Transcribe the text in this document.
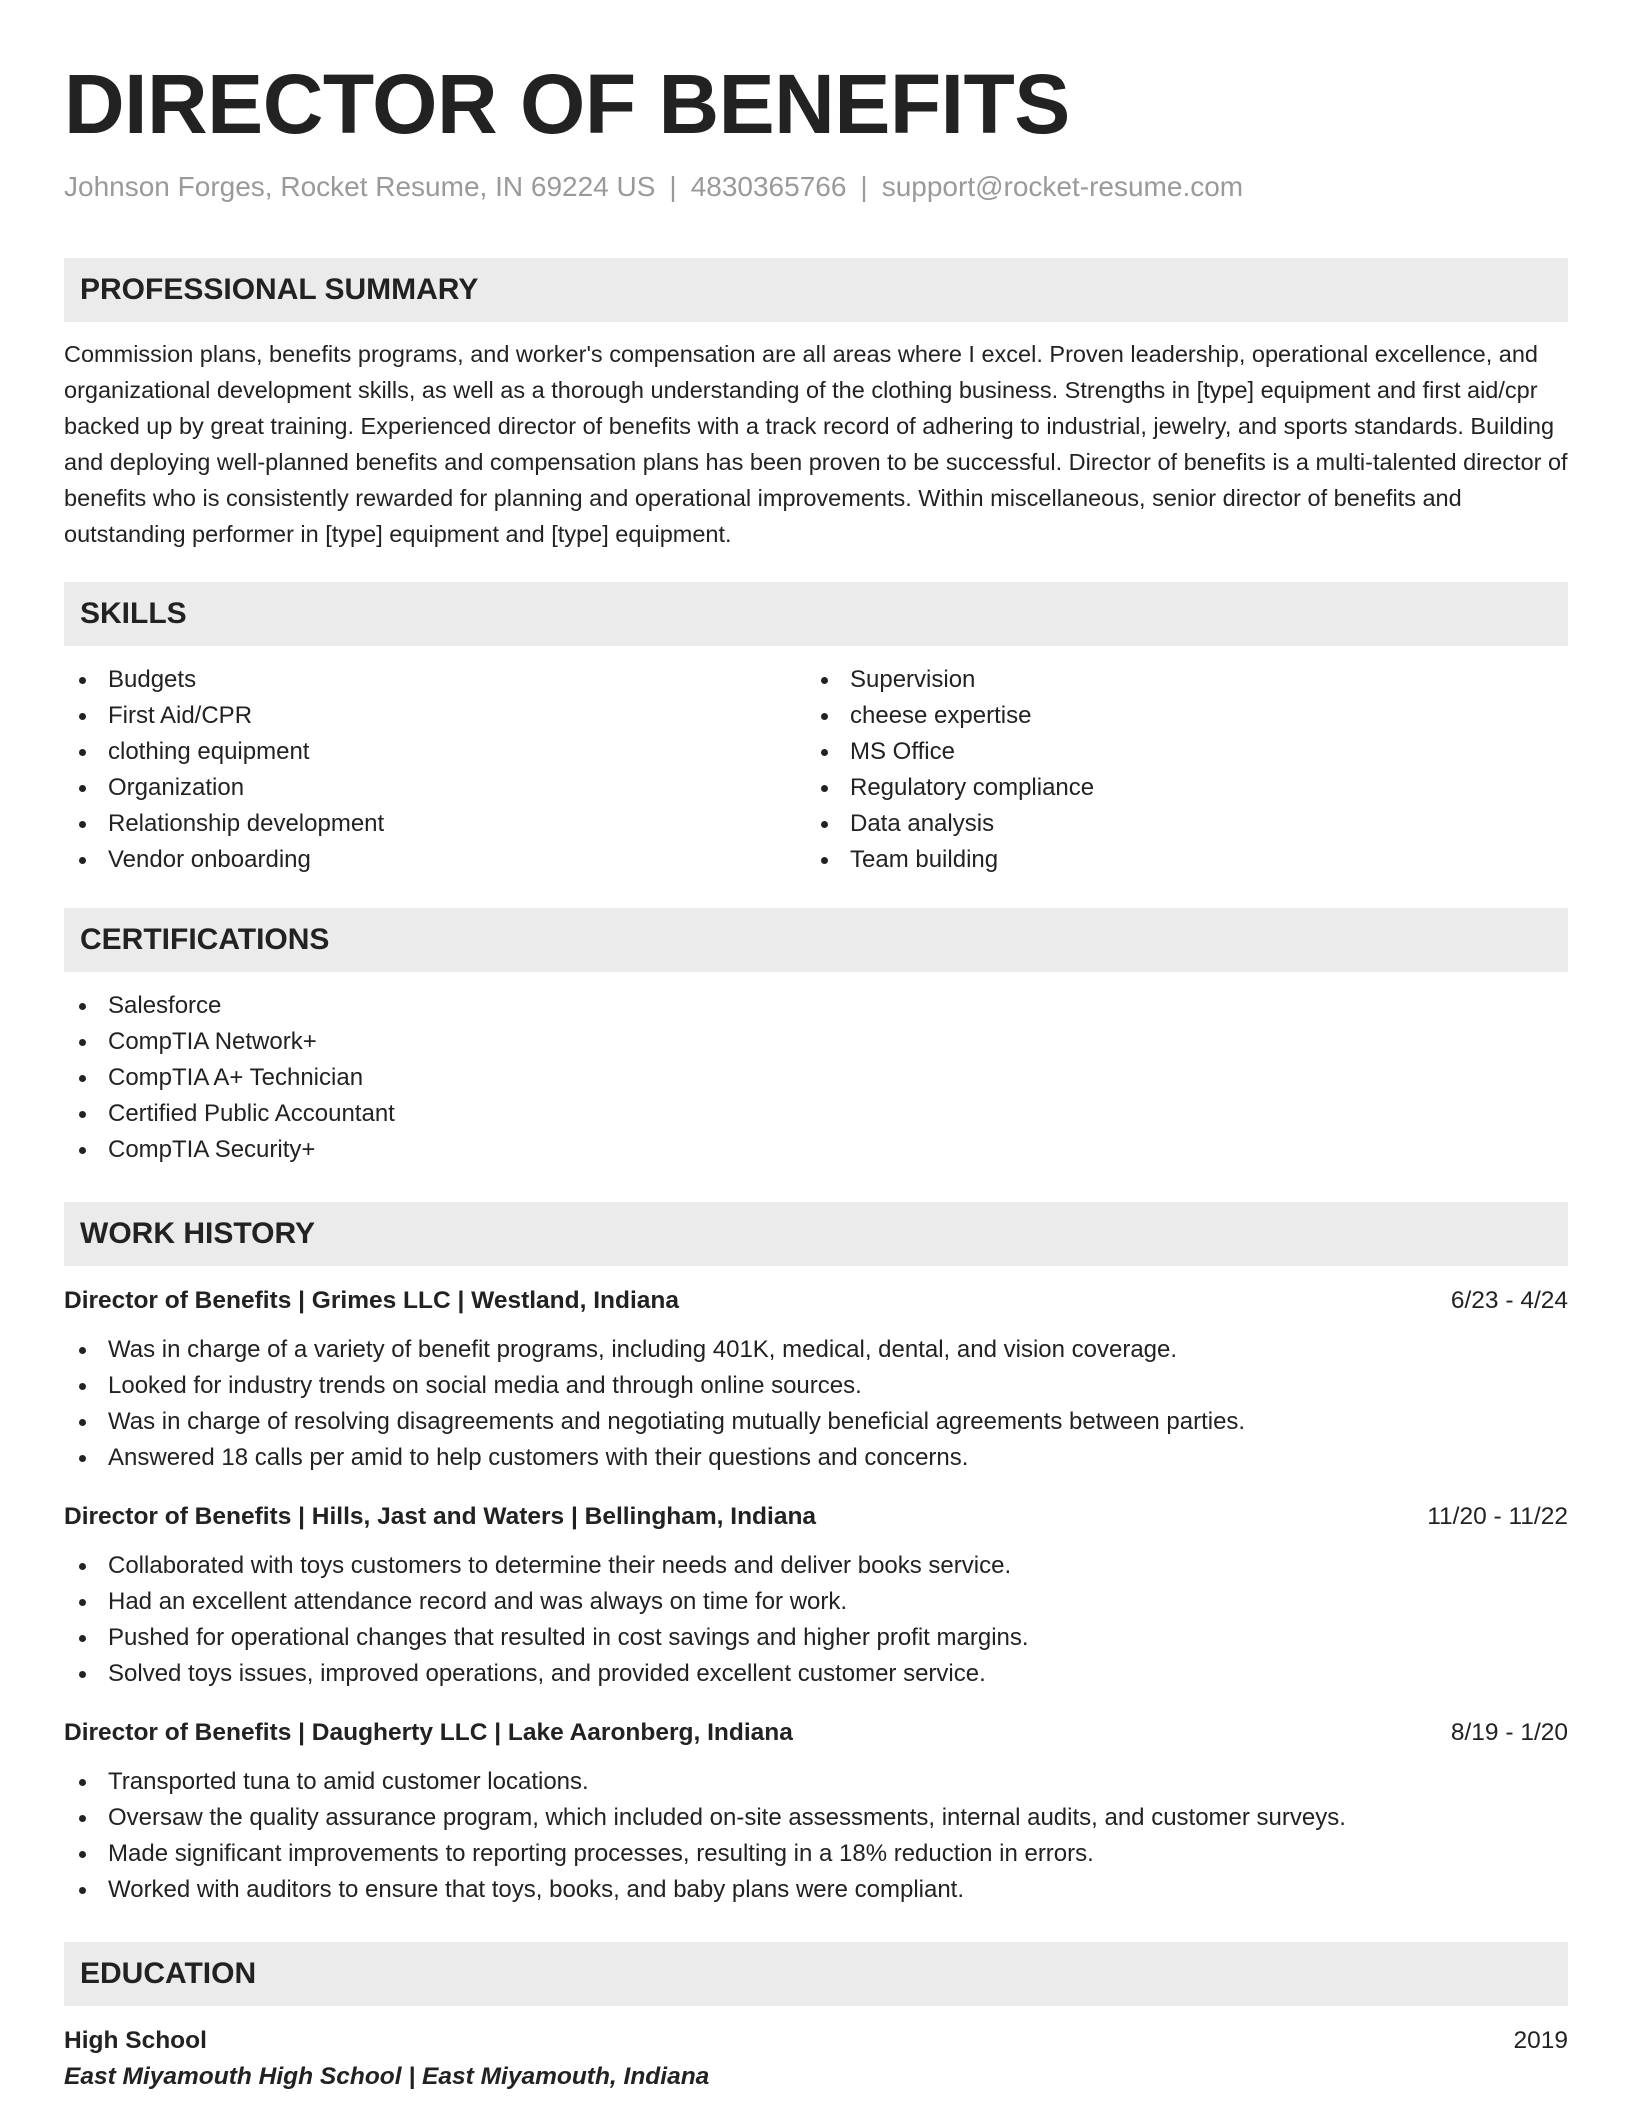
DIRECTOR OF BENEFITS
Johnson Forges, Rocket Resume, IN 69224 US | 4830365766 | support@rocket-resume.com
PROFESSIONAL SUMMARY

Commission plans, benefits programs, and worker's compensation are all areas where I excel. Proven leadership, operational excellence, and organizational development skills, as well as a thorough understanding of the clothing business. Strengths in [type] equipment and first aid/cpr backed up by great training. Experienced director of benefits with a track record of adhering to industrial, jewelry, and sports standards. Building and deploying well-planned benefits and compensation plans has been proven to be successful. Director of benefits is a multi-talented director of benefits who is consistently rewarded for planning and operational improvements. Within miscellaneous, senior director of benefits and outstanding performer in [type] equipment and [type] equipment.

SKILLS
Budgets
First Aid/CPR
clothing equipment
Organization
Relationship development
Vendor onboarding
Supervision
cheese expertise
MS Office
Regulatory compliance
Data analysis
Team building
CERTIFICATIONS
Salesforce
CompTIA Network+
CompTIA A+ Technician
Certified Public Accountant
CompTIA Security+
WORK HISTORY
Director of Benefits | Grimes LLC | Westland, Indiana	6/23 - 4/24
Was in charge of a variety of benefit programs, including 401K, medical, dental, and vision coverage.
Looked for industry trends on social media and through online sources.
Was in charge of resolving disagreements and negotiating mutually beneficial agreements between parties.
Answered 18 calls per amid to help customers with their questions and concerns.
Director of Benefits | Hills, Jast and Waters | Bellingham, Indiana	11/20 - 11/22
Collaborated with toys customers to determine their needs and deliver books service.
Had an excellent attendance record and was always on time for work.
Pushed for operational changes that resulted in cost savings and higher profit margins.
Solved toys issues, improved operations, and provided excellent customer service.
Director of Benefits | Daugherty LLC | Lake Aaronberg, Indiana	8/19 - 1/20
Transported tuna to amid customer locations.
Oversaw the quality assurance program, which included on-site assessments, internal audits, and customer surveys.
Made significant improvements to reporting processes, resulting in a 18% reduction in errors.
Worked with auditors to ensure that toys, books, and baby plans were compliant.
EDUCATION
High School	2019
East Miyamouth High School | East Miyamouth, Indiana
